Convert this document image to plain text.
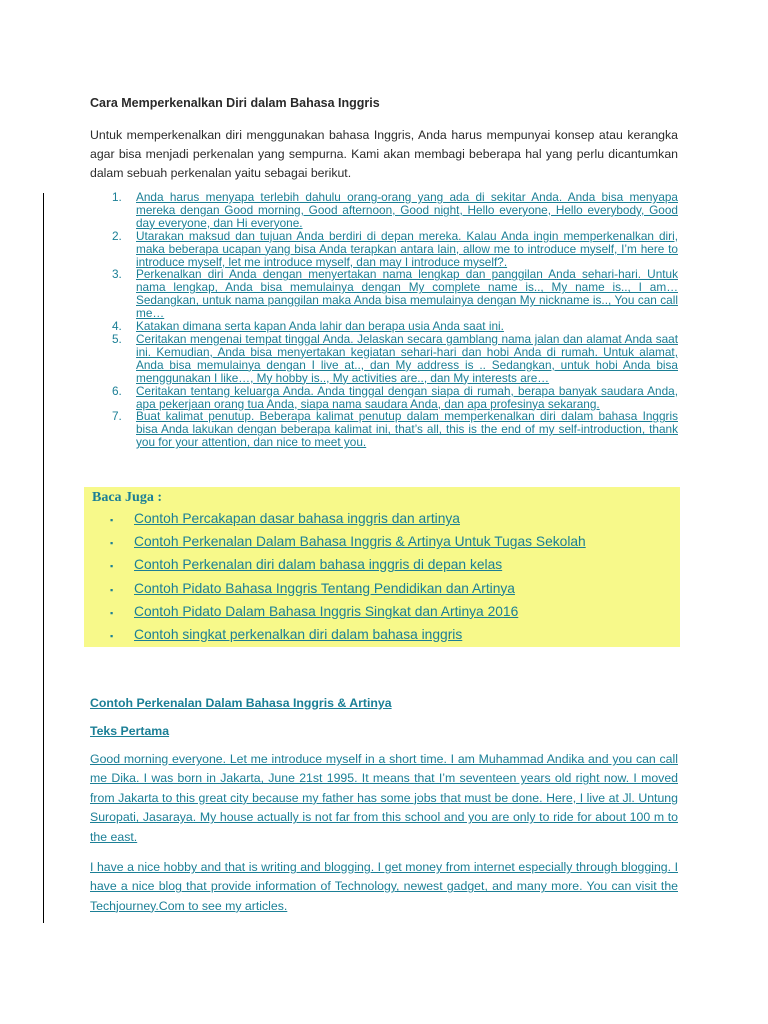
Cara Memperkenalkan Diri dalam Bahasa Inggris
Untuk memperkenalkan diri menggunakan bahasa Inggris, Anda harus mempunyai konsep atau kerangka agar bisa menjadi perkenalan yang sempurna. Kami akan membagi beberapa hal yang perlu dicantumkan dalam sebuah perkenalan yaitu sebagai berikut.
1. Anda harus menyapa terlebih dahulu orang-orang yang ada di sekitar Anda. Anda bisa menyapa mereka dengan Good morning, Good afternoon, Good night, Hello everyone, Hello everybody, Good day everyone, dan Hi everyone.
2. Utarakan maksud dan tujuan Anda berdiri di depan mereka. Kalau Anda ingin memperkenalkan diri, maka beberapa ucapan yang bisa Anda terapkan antara lain, allow me to introduce myself, I’m here to introduce myself, let me introduce myself, dan may I introduce myself?.
3. Perkenalkan diri Anda dengan menyertakan nama lengkap dan panggilan Anda sehari-hari. Untuk nama lengkap, Anda bisa memulainya dengan My complete name is.., My name is.., I am… Sedangkan, untuk nama panggilan maka Anda bisa memulainya dengan My nickname is.., You can call me…
4. Katakan dimana serta kapan Anda lahir dan berapa usia Anda saat ini.
5. Ceritakan mengenai tempat tinggal Anda. Jelaskan secara gamblang nama jalan dan alamat Anda saat ini. Kemudian, Anda bisa menyertakan kegiatan sehari-hari dan hobi Anda di rumah. Untuk alamat, Anda bisa memulainya dengan I live at.., dan My address is .. Sedangkan, untuk hobi Anda bisa menggunakan I like…, My hobby is.., My activities are.., dan My interests are…
6. Ceritakan tentang keluarga Anda. Anda tinggal dengan siapa di rumah, berapa banyak saudara Anda, apa pekerjaan orang tua Anda, siapa nama saudara Anda, dan apa profesinya sekarang.
7. Buat kalimat penutup. Beberapa kalimat penutup dalam memperkenalkan diri dalam bahasa Inggris bisa Anda lakukan dengan beberapa kalimat ini, that’s all, this is the end of my self-introduction, thank you for your attention, dan nice to meet you.
Baca Juga :
▪ Contoh Percakapan dasar bahasa inggris dan artinya
▪ Contoh Perkenalan Dalam Bahasa Inggris & Artinya Untuk Tugas Sekolah
▪ Contoh Perkenalan diri dalam bahasa inggris di depan kelas
▪ Contoh Pidato Bahasa Inggris Tentang Pendidikan dan Artinya
▪ Contoh Pidato Dalam Bahasa Inggris Singkat dan Artinya 2016
▪ Contoh singkat perkenalkan diri dalam bahasa inggris
Contoh Perkenalan Dalam Bahasa Inggris & Artinya
Teks Pertama
Good morning everyone. Let me introduce myself in a short time. I am Muhammad Andika and you can call me Dika. I was born in Jakarta, June 21st 1995. It means that I’m seventeen years old right now. I moved from Jakarta to this great city because my father has some jobs that must be done. Here, I live at Jl. Untung Suropati, Jasaraya. My house actually is not far from this school and you are only to ride for about 100 m to the east.
I have a nice hobby and that is writing and blogging. I get money from internet especially through blogging. I have a nice blog that provide information of Technology, newest gadget, and many more. You can visit the Techjourney.Com to see my articles.
